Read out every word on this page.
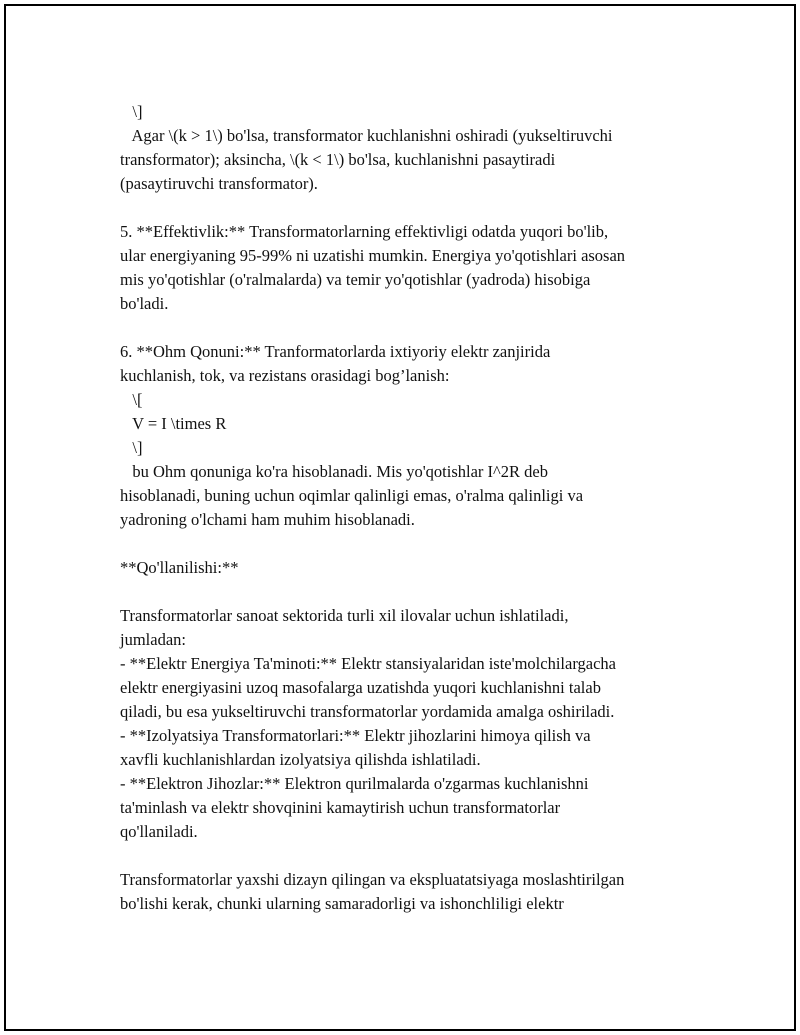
\]
Agar \(k > 1\) bo'lsa, transformator kuchlanishni oshiradi (yukseltiruvchi
transformator); aksincha, \(k < 1\) bo'lsa, kuchlanishni pasaytiradi
(pasaytiruvchi transformator).
5. **Effektivlik:** Transformatorlarning effektivligi odatda yuqori bo'lib,
ular energiyaning 95-99% ni uzatishi mumkin. Energiya yo'qotishlari asosan
mis yo'qotishlar (o'ralmalarda) va temir yo'qotishlar (yadroda) hisobiga
bo'ladi.
6. **Ohm Qonuni:** Tranformatorlarda ixtiyoriy elektr zanjirida
kuchlanish, tok, va rezistans orasidagi bog’lanish:
\[
V = I \times R
\]
bu Ohm qonuniga ko'ra hisoblanadi. Mis yo'qotishlar I^2R deb
hisoblanadi, buning uchun oqimlar qalinligi emas, o'ralma qalinligi va
yadroning o'lchami ham muhim hisoblanadi.
**Qo'llanilishi:**
Transformatorlar sanoat sektorida turli xil ilovalar uchun ishlatiladi,
jumladan:
- **Elektr Energiya Ta'minoti:** Elektr stansiyalaridan iste'molchilargacha
elektr energiyasini uzoq masofalarga uzatishda yuqori kuchlanishni talab
qiladi, bu esa yukseltiruvchi transformatorlar yordamida amalga oshiriladi.
- **Izolyatsiya Transformatorlari:** Elektr jihozlarini himoya qilish va
xavfli kuchlanishlardan izolyatsiya qilishda ishlatiladi.
- **Elektron Jihozlar:** Elektron qurilmalarda o'zgarmas kuchlanishni
ta'minlash va elektr shovqinini kamaytirish uchun transformatorlar
qo'llaniladi.
Transformatorlar yaxshi dizayn qilingan va ekspluatatsiyaga moslashtirilgan
bo'lishi kerak, chunki ularning samaradorligi va ishonchliligi elektr
